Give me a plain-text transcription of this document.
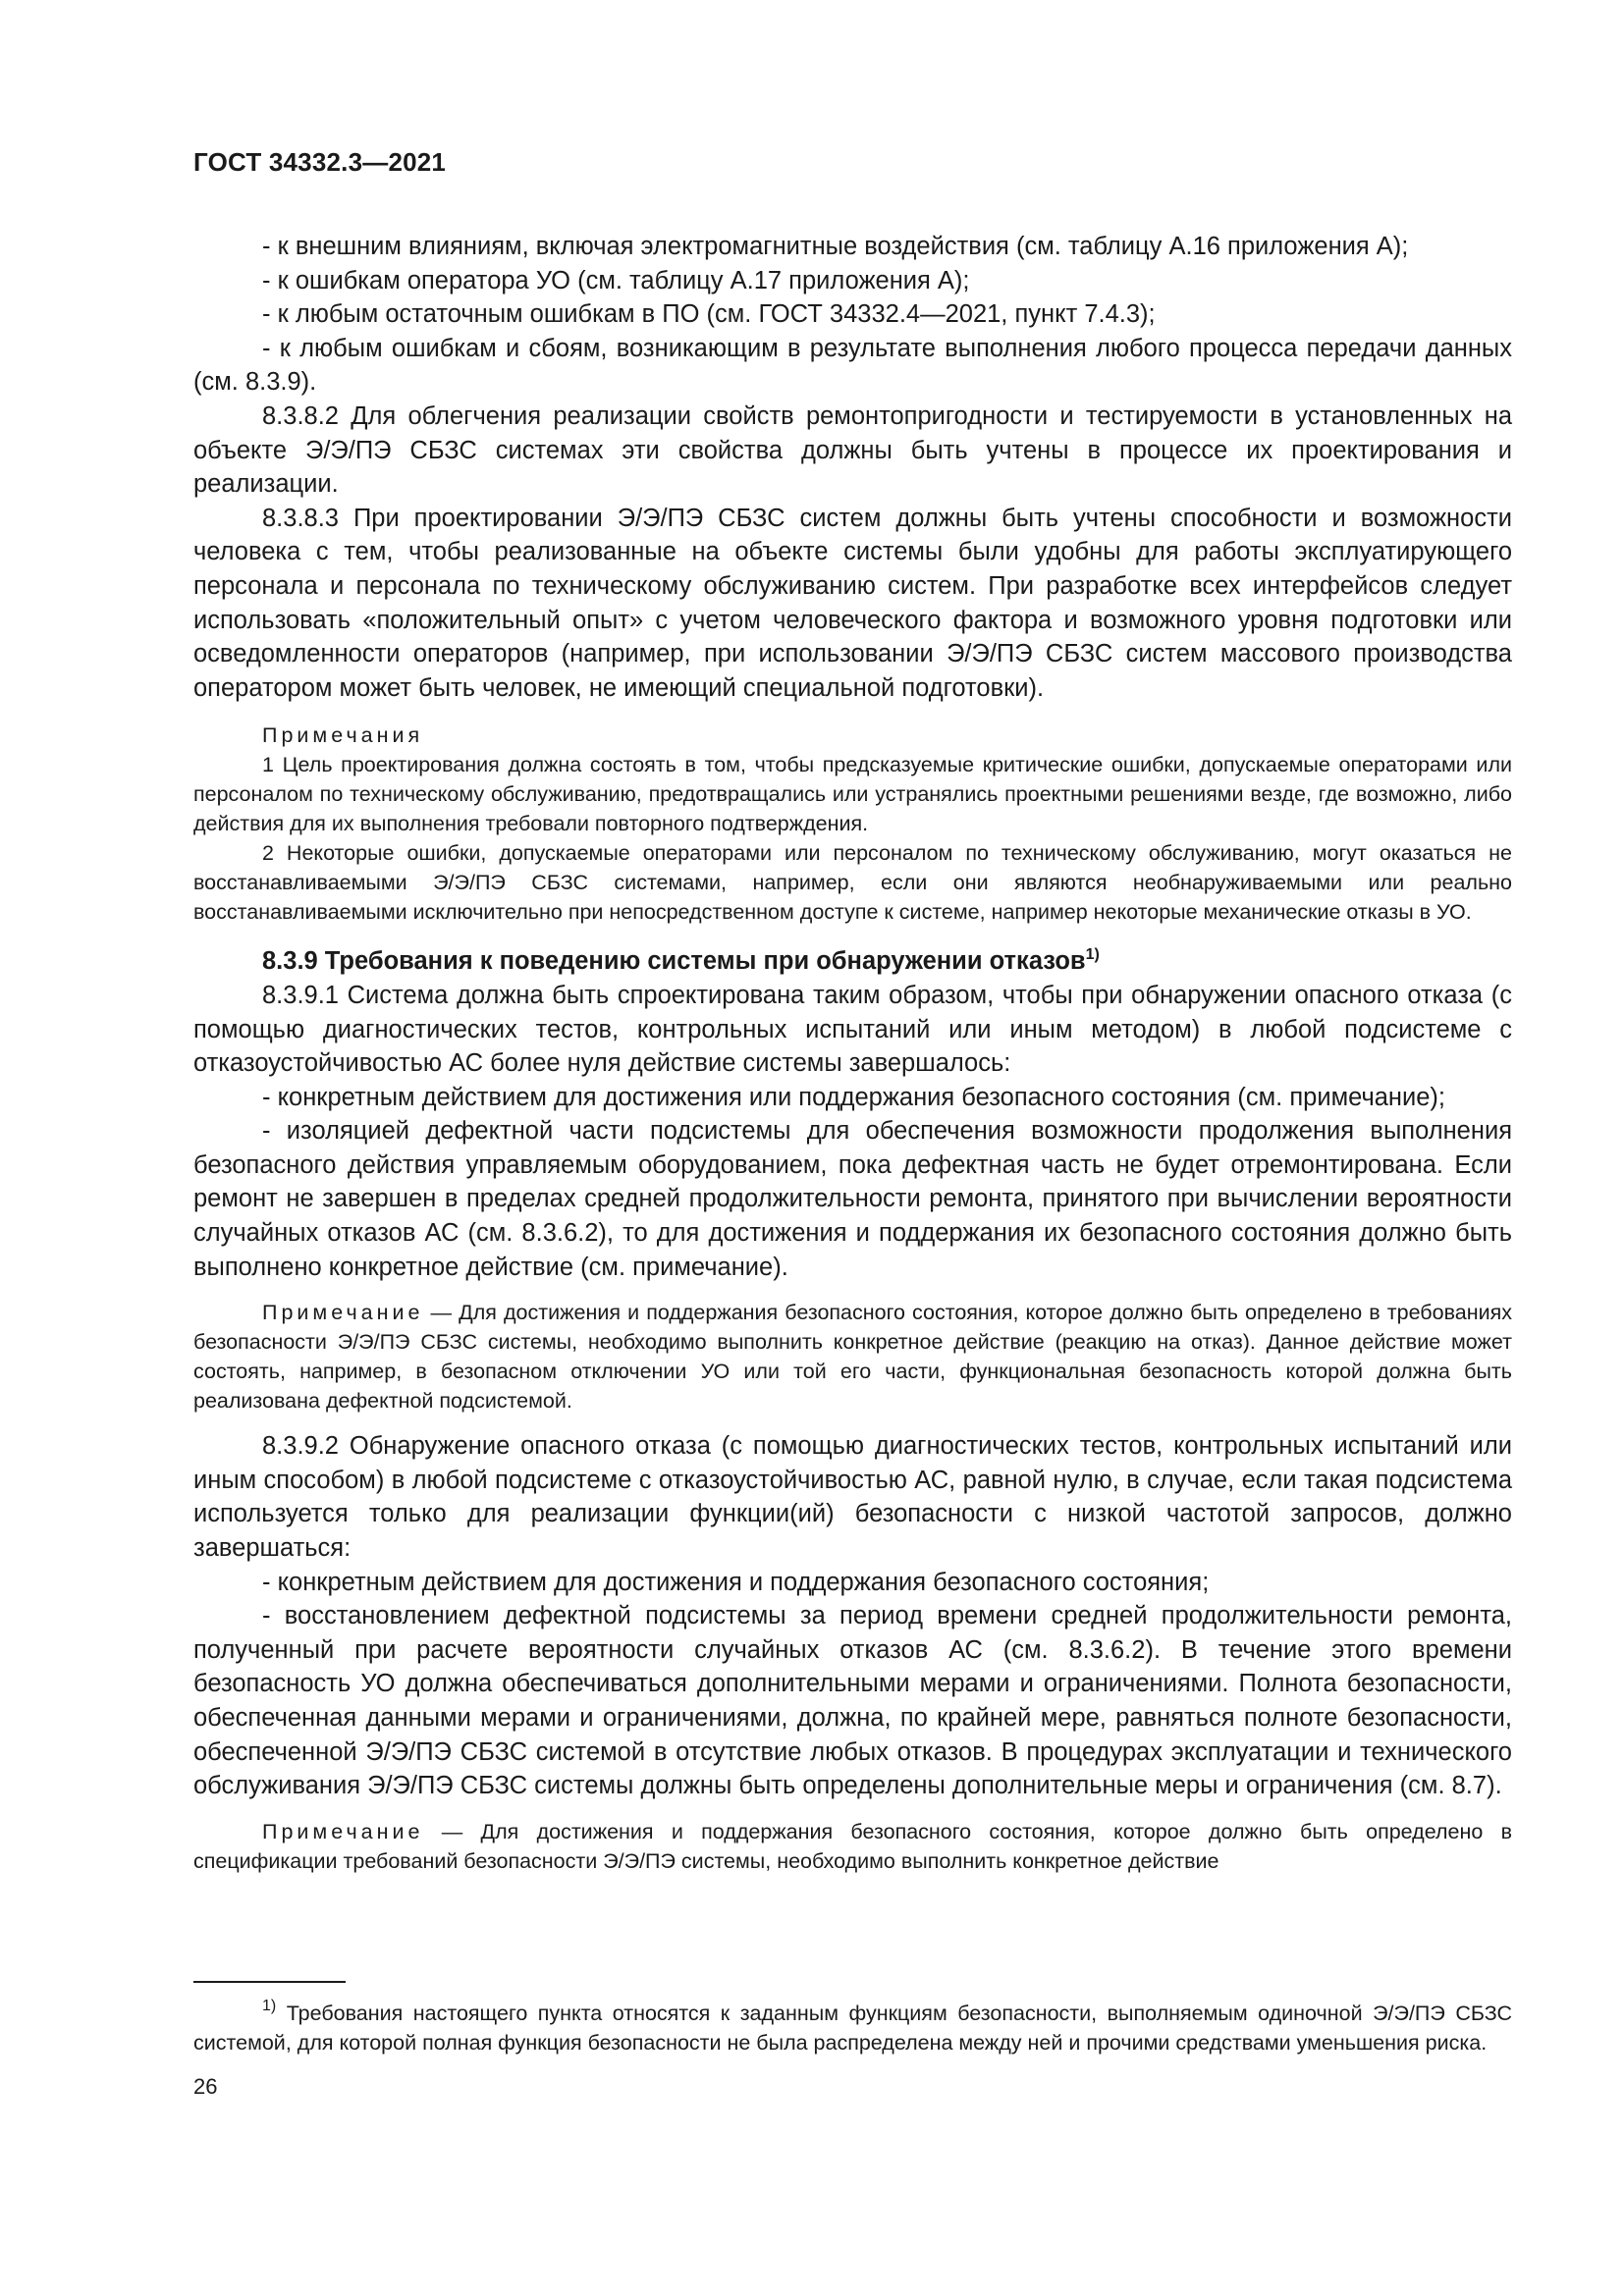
ГОСТ 34332.3—2021

- к внешним влияниям, включая электромагнитные воздействия (см. таблицу А.16 приложения А);

- к ошибкам оператора УО (см. таблицу А.17 приложения А);

- к любым остаточным ошибкам в ПО (см. ГОСТ 34332.4—2021, пункт 7.4.3);

- к любым ошибкам и сбоям, возникающим в результате выполнения любого процесса передачи данных (см. 8.3.9).

8.3.8.2 Для облегчения реализации свойств ремонтопригодности и тестируемости в установленных на объекте Э/Э/ПЭ СБЗС системах эти свойства должны быть учтены в процессе их проектирования и реализации.

8.3.8.3 При проектировании Э/Э/ПЭ СБЗС систем должны быть учтены способности и возможности человека с тем, чтобы реализованные на объекте системы были удобны для работы эксплуатирующего персонала и персонала по техническому обслуживанию систем. При разработке всех интерфейсов следует использовать «положительный опыт» с учетом человеческого фактора и возможного уровня подготовки или осведомленности операторов (например, при использовании Э/Э/ПЭ СБЗС систем массового производства оператором может быть человек, не имеющий специальной подготовки).

Примечания

1 Цель проектирования должна состоять в том, чтобы предсказуемые критические ошибки, допускаемые операторами или персоналом по техническому обслуживанию, предотвращались или устранялись проектными решениями везде, где возможно, либо действия для их выполнения требовали повторного подтверждения.

2 Некоторые ошибки, допускаемые операторами или персоналом по техническому обслуживанию, могут оказаться не восстанавливаемыми Э/Э/ПЭ СБЗС системами, например, если они являются необнаруживаемыми или реально восстанавливаемыми исключительно при непосредственном доступе к системе, например некоторые механические отказы в УО.

8.3.9 Требования к поведению системы при обнаружении отказов$^{1)}$

8.3.9.1 Система должна быть спроектирована таким образом, чтобы при обнаружении опасного отказа (с помощью диагностических тестов, контрольных испытаний или иным методом) в любой подсистеме с отказоустойчивостью АС более нуля действие системы завершалось:

- конкретным действием для достижения или поддержания безопасного состояния (см. примечание);

- изоляцией дефектной части подсистемы для обеспечения возможности продолжения выполнения безопасного действия управляемым оборудованием, пока дефектная часть не будет отремонтирована. Если ремонт не завершен в пределах средней продолжительности ремонта, принятого при вычислении вероятности случайных отказов АС (см. 8.3.6.2), то для достижения и поддержания их безопасного состояния должно быть выполнено конкретное действие (см. примечание).

Примечание — Для достижения и поддержания безопасного состояния, которое должно быть определено в требованиях безопасности Э/Э/ПЭ СБЗС системы, необходимо выполнить конкретное действие (реакцию на отказ). Данное действие может состоять, например, в безопасном отключении УО или той его части, функциональная безопасность которой должна быть реализована дефектной подсистемой.

8.3.9.2 Обнаружение опасного отказа (с помощью диагностических тестов, контрольных испытаний или иным способом) в любой подсистеме с отказоустойчивостью АС, равной нулю, в случае, если такая подсистема используется только для реализации функции(ий) безопасности с низкой частотой запросов, должно завершаться:

- конкретным действием для достижения и поддержания безопасного состояния;

- восстановлением дефектной подсистемы за период времени средней продолжительности ремонта, полученный при расчете вероятности случайных отказов АС (см. 8.3.6.2). В течение этого времени безопасность УО должна обеспечиваться дополнительными мерами и ограничениями. Полнота безопасности, обеспеченная данными мерами и ограничениями, должна, по крайней мере, равняться полноте безопасности, обеспеченной Э/Э/ПЭ СБЗС системой в отсутствие любых отказов. В процедурах эксплуатации и технического обслуживания Э/Э/ПЭ СБЗС системы должны быть определены дополнительные меры и ограничения (см. 8.7).

Примечание — Для достижения и поддержания безопасного состояния, которое должно быть определено в спецификации требований безопасности Э/Э/ПЭ системы, необходимо выполнить конкретное действие

$^{1)}$ Требования настоящего пункта относятся к заданным функциям безопасности, выполняемым одиночной Э/Э/ПЭ СБЗС системой, для которой полная функция безопасности не была распределена между ней и прочими средствами уменьшения риска.

26
